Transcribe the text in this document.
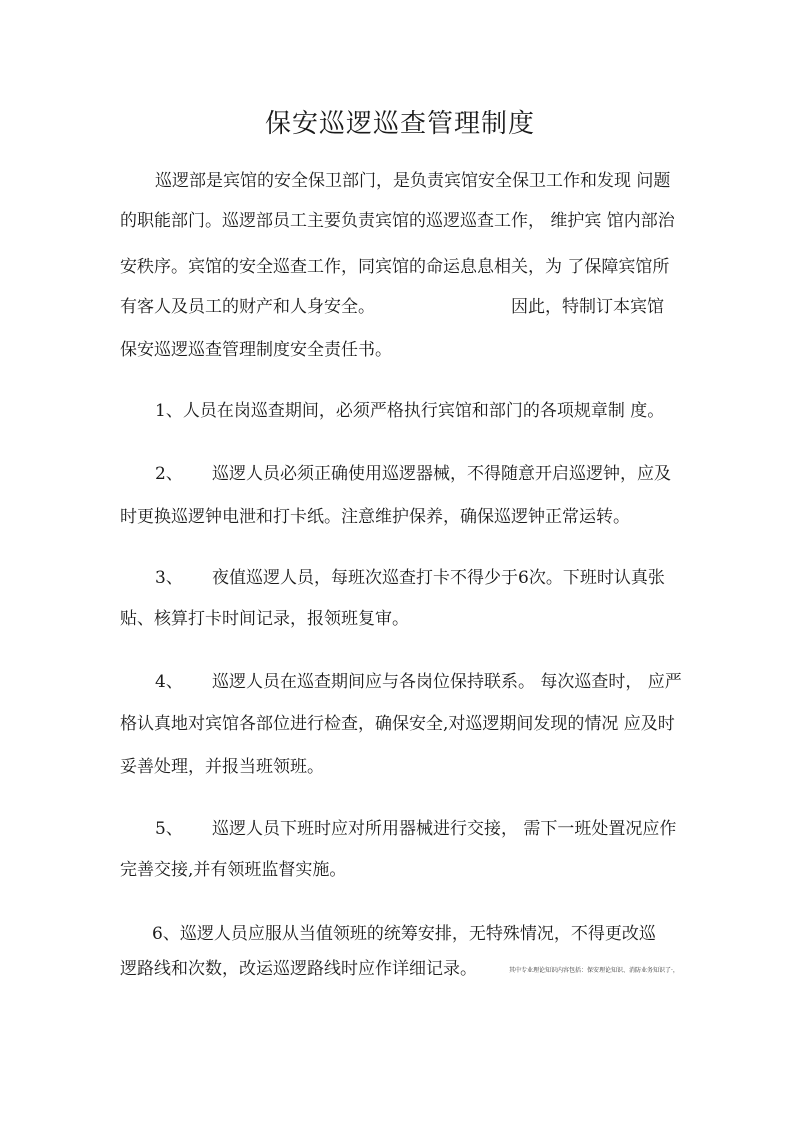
保安巡逻巡查管理制度
巡逻部是宾馆的安全保卫部门，是负责宾馆安全保卫工作和发现 问题
的职能部门。巡逻部员工主要负责宾馆的巡逻巡查工作， 维护宾 馆内部治
安秩序。宾馆的安全巡查工作，同宾馆的命运息息相关，为 了保障宾馆所
有客人及员工的财产和人身安全。	因此，特制订本宾馆
保安巡逻巡查管理制度安全责任书。
1、人员在岗巡查期间，必须严格执行宾馆和部门的各项规章制 度。
2、 巡逻人员必须正确使用巡逻器械，不得随意开启巡逻钟，应及
时更换巡逻钟电泄和打卡纸。注意维护保养，确保巡逻钟正常运转。
3、 夜值巡逻人员，每班次巡查打卡不得少于6次。下班时认真张
贴、核算打卡时间记录，报领班复审。
4、 巡逻人员在巡查期间应与各岗位保持联系。 每次巡查时， 应严
格认真地对宾馆各部位进行检查，确保安全,对巡逻期间发现的情况 应及时
妥善处理，并报当班领班。
5、 巡逻人员下班时应对所用器械进行交接， 需下一班处置况应作
完善交接,并有领班监督实施。
6、巡逻人员应服从当值领班的统筹安排，无特殊情况，不得更改巡
逻路线和次数，改运巡逻路线时应作详细记录。	其中专业理论知识内容包括：保安理论知识、消防业务知识了·，
